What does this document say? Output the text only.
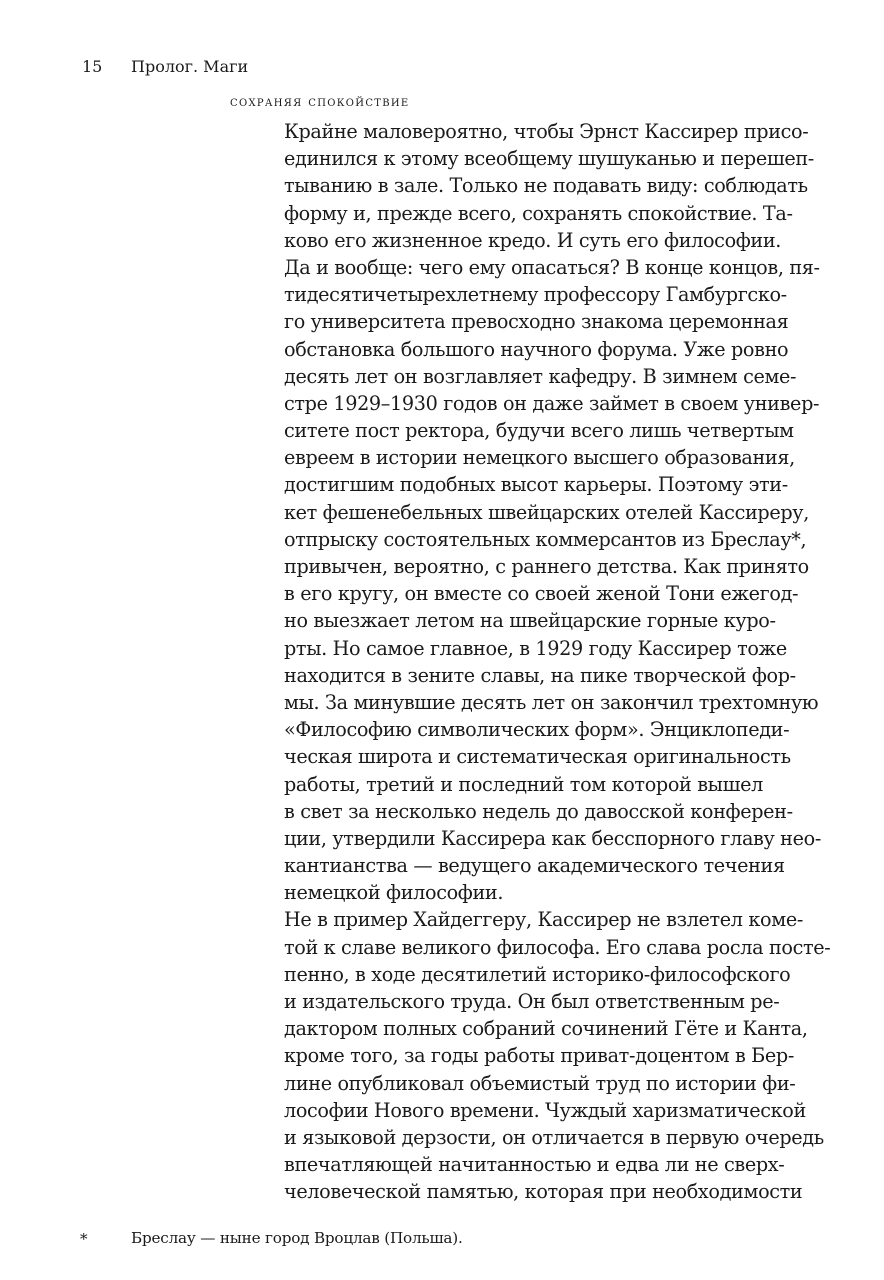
15 Пролог. Маги
сохраняя спокойствие
Крайне маловероятно, чтобы Эрнст Кассирер присо-
единился к этому всеобщему шушуканью и перешеп-
тыванию в зале. Только не подавать виду: соблюдать
форму и, прежде всего, сохранять спокойствие. Та-
ково его жизненное кредо. И суть его философии.
Да и вообще: чего ему опасаться? В конце концов, пя-
тидесятичетырехлетнему профессору Гамбургско-
го университета превосходно знакома церемонная
обстановка большого научного форума. Уже ровно
десять лет он возглавляет кафедру. В зимнем семе-
стре 1929–1930 годов он даже займет в своем универ-
ситете пост ректора, будучи всего лишь четвертым
евреем в истории немецкого высшего образования,
достигшим подобных высот карьеры. Поэтому эти-
кет фешенебельных швейцарских отелей Кассиреру,
отпрыску состоятельных коммерсантов из Бреслау*,
привычен, вероятно, с раннего детства. Как принято
в его кругу, он вместе со своей женой Тони ежегод-
но выезжает летом на швейцарские горные куро-
рты. Но самое главное, в 1929 году Кассирер тоже
находится в зените славы, на пике творческой фор-
мы. За минувшие десять лет он закончил трехтомную
«Философию символических форм». Энциклопеди-
ческая широта и систематическая оригинальность
работы, третий и последний том которой вышел
в свет за несколько недель до давосской конферен-
ции, утвердили Кассирера как бесспорного главу нео-
кантианства — ведущего академического течения
немецкой философии.
Не в пример Хайдеггеру, Кассирер не взлетел коме-
той к славе великого философа. Его слава росла посте-
пенно, в ходе десятилетий историко-философского
и издательского труда. Он был ответственным ре-
дактором полных собраний сочинений Гёте и Канта,
кроме того, за годы работы приват-доцентом в Бер-
лине опубликовал объемистый труд по истории фи-
лософии Нового времени. Чуждый харизматической
и языковой дерзости, он отличается в первую очередь
впечатляющей начитанностью и едва ли не сверх-
человеческой памятью, которая при необходимости
*	Бреслау — ныне город Вроцлав (Польша).
